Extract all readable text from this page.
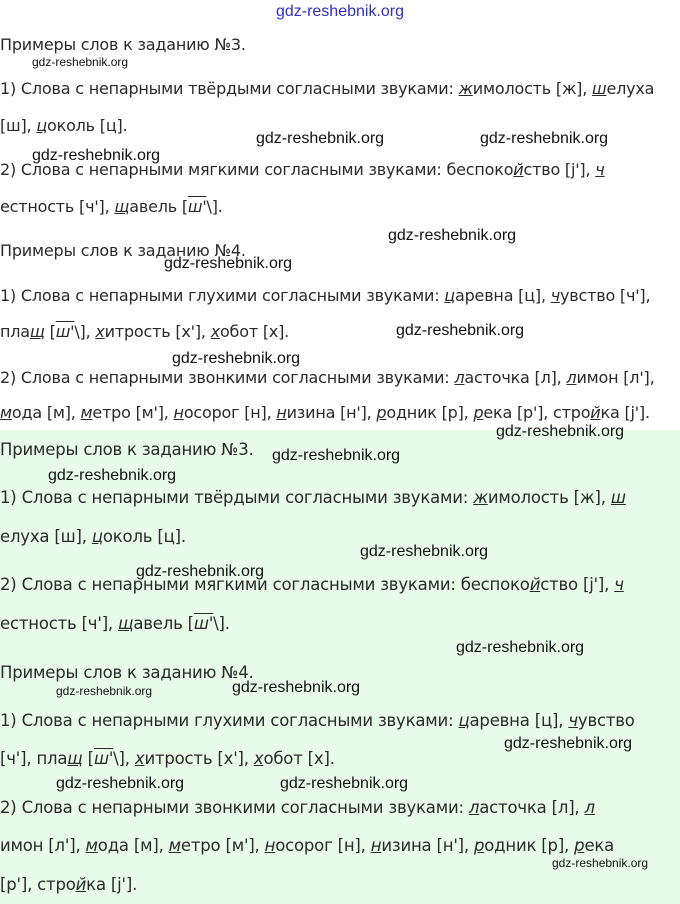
gdz-reshebnik.org

Примеры слов к заданию №3.

1) Слова с непарными твёрдыми согласными звуками: жимолость [ж], шелуха

[ш], цоколь [ц].

2) Слова с непарными мягкими согласными звуками: беспокойство [j'], ч

естность [ч'], щавель [ш'\].

Примеры слов к заданию №4.

1) Слова с непарными глухими согласными звуками: царевна [ц], чувство [ч'],

плащ [ш'\], хитрость [х'], хобот [х].

2) Слова с непарными звонкими согласными звуками: ласточка [л], лимон [л'],

мода [м], метро [м'], носорог [н], низина [н'], родник [р], река [р'], стройка [j'].

Примеры слов к заданию №3.

1) Слова с непарными твёрдыми согласными звуками: жимолость [ж], ш

елуха [ш], цоколь [ц].

2) Слова с непарными мягкими согласными звуками: беспокойство [j'], ч

естность [ч'], щавель [ш'\].

Примеры слов к заданию №4.

1) Слова с непарными глухими согласными звуками: царевна [ц], чувство

[ч'], плащ [ш'\], хитрость [х'], хобот [х].

2) Слова с непарными звонкими согласными звуками: ласточка [л], л

имон [л'], мода [м], метро [м'], носорог [н], низина [н'], родник [р], река

[р'], стройка [j'].

gdz-reshebnik.org
gdz-reshebnik.org	gdz-reshebnik.org
gdz-reshebnik.org
gdz-reshebnik.org
gdz-reshebnik.org
gdz-reshebnik.org
gdz-reshebnik.org
gdz-reshebnik.org
gdz-reshebnik.org
gdz-reshebnik.org
gdz-reshebnik.org
gdz-reshebnik.org
gdz-reshebnik.org
gdz-reshebnik.org	gdz-reshebnik.org
gdz-reshebnik.org
gdz-reshebnik.org	gdz-reshebnik.org
gdz-reshebnik.org
